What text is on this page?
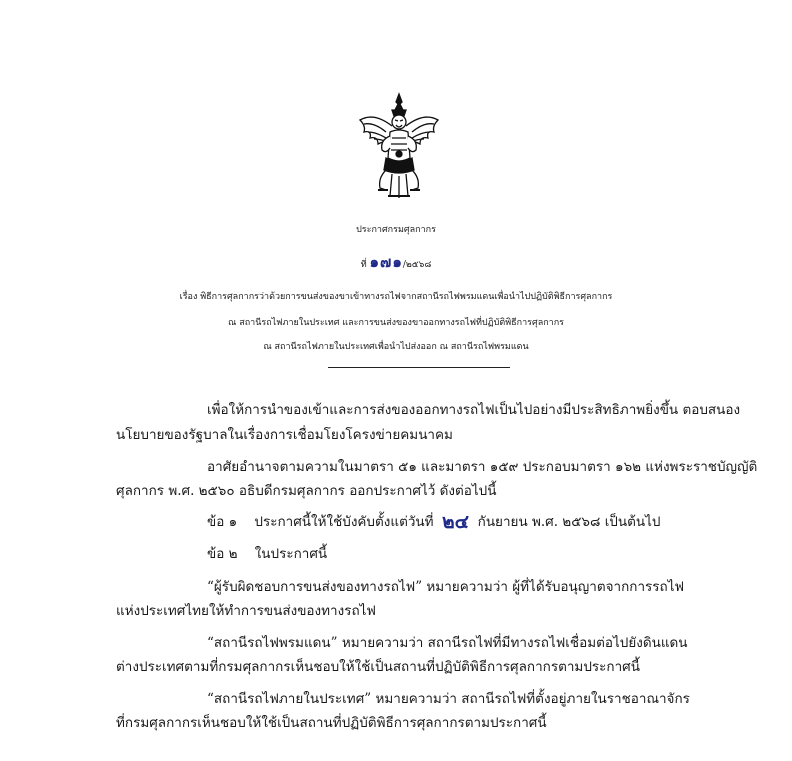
ประกาศกรมศุลกากร
ที่ ๑๗๑/๒๕๖๘
เรื่อง พิธีการศุลกากรว่าด้วยการขนส่งของขาเข้าทางรถไฟจากสถานีรถไฟพรมแดนเพื่อนำไปปฏิบัติพิธีการศุลกากร
ณ สถานีรถไฟภายในประเทศ และการขนส่งของขาออกทางรถไฟที่ปฏิบัติพิธีการศุลกากร
ณ สถานีรถไฟภายในประเทศเพื่อนำไปส่งออก ณ สถานีรถไฟพรมแดน
เพื่อให้การนำของเข้าและการส่งของออกทางรถไฟเป็นไปอย่างมีประสิทธิภาพยิ่งขึ้น ตอบสนอง
นโยบายของรัฐบาลในเรื่องการเชื่อมโยงโครงข่ายคมนาคม
อาศัยอำนาจตามความในมาตรา ๕๑ และมาตรา ๑๕๙ ประกอบมาตรา ๑๖๒ แห่งพระราชบัญญัติ
ศุลกากร พ.ศ. ๒๕๖๐ อธิบดีกรมศุลกากร ออกประกาศไว้ ดังต่อไปนี้
ข้อ ๑ ประกาศนี้ให้ใช้บังคับตั้งแต่วันที่ ๒๔ กันยายน พ.ศ. ๒๕๖๘ เป็นต้นไป
ข้อ ๒ ในประกาศนี้
“ผู้รับผิดชอบการขนส่งของทางรถไฟ” หมายความว่า ผู้ที่ได้รับอนุญาตจากการรถไฟ
แห่งประเทศไทยให้ทำการขนส่งของทางรถไฟ
“สถานีรถไฟพรมแดน” หมายความว่า สถานีรถไฟที่มีทางรถไฟเชื่อมต่อไปยังดินแดน
ต่างประเทศตามที่กรมศุลกากรเห็นชอบให้ใช้เป็นสถานที่ปฏิบัติพิธีการศุลกากรตามประกาศนี้
“สถานีรถไฟภายในประเทศ” หมายความว่า สถานีรถไฟที่ตั้งอยู่ภายในราชอาณาจักร
ที่กรมศุลกากรเห็นชอบให้ใช้เป็นสถานที่ปฏิบัติพิธีการศุลกากรตามประกาศนี้
